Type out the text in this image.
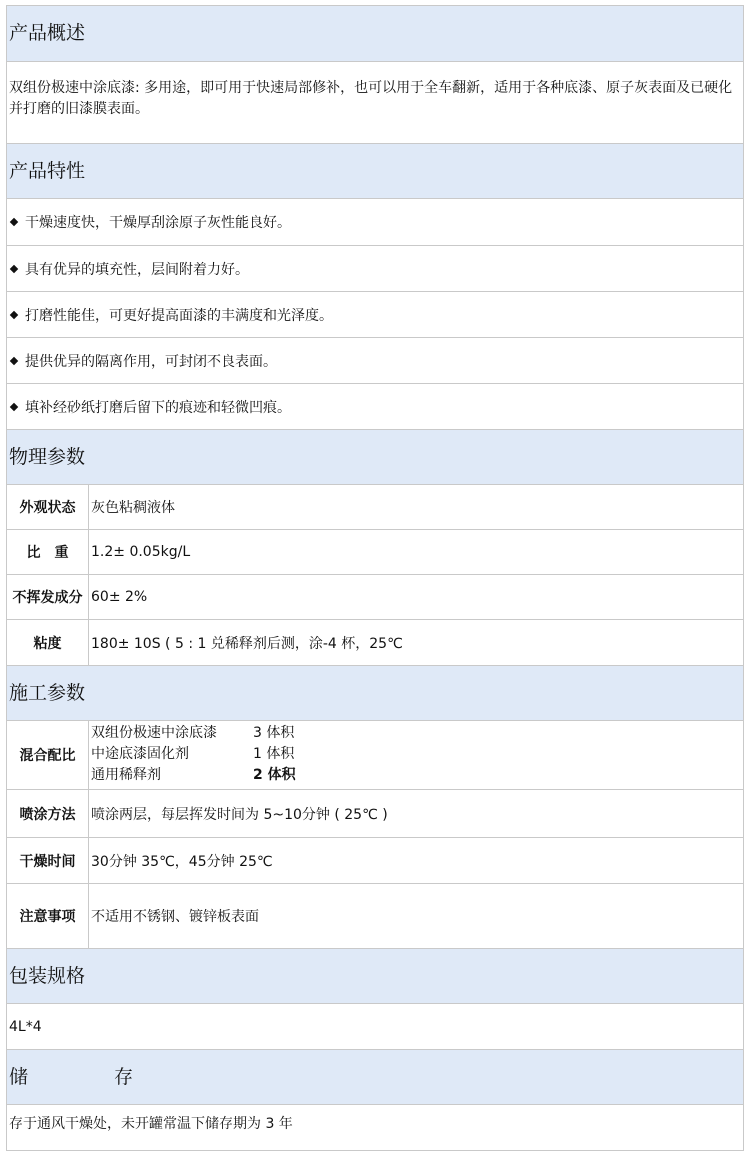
产品概述
双组份极速中涂底漆: 多用途，即可用于快速局部修补，也可以用于全车翻新，适用于各种底漆、原子灰表面及已硬化并打磨的旧漆膜表面。
产品特性
干燥速度快，干燥厚刮涂原子灰性能良好。
具有优异的填充性，层间附着力好。
打磨性能佳，可更好提高面漆的丰满度和光泽度。
提供优异的隔离作用，可封闭不良表面。
填补经砂纸打磨后留下的痕迹和轻微凹痕。
物理参数
外观状态	灰色粘稠液体
比　重	1.2± 0.05kg/L
不挥发成分 60± 2%
粘度	180± 10S ( 5 : 1 兑稀释剂后测，涂-4 杯，25℃
施工参数
混合配比
双组份极速中涂底漆	3 体积
中途底漆固化剂	1 体积
通用稀释剂	2 体积
喷涂方法	喷涂两层，每层挥发时间为 5~10分钟 ( 25℃ )
干燥时间	30分钟 35℃，45分钟 25℃
注意事项	不适用不锈钢、镀锌板表面
包装规格
4L*4
储	存
存于通风干燥处，未开罐常温下储存期为 3 年
